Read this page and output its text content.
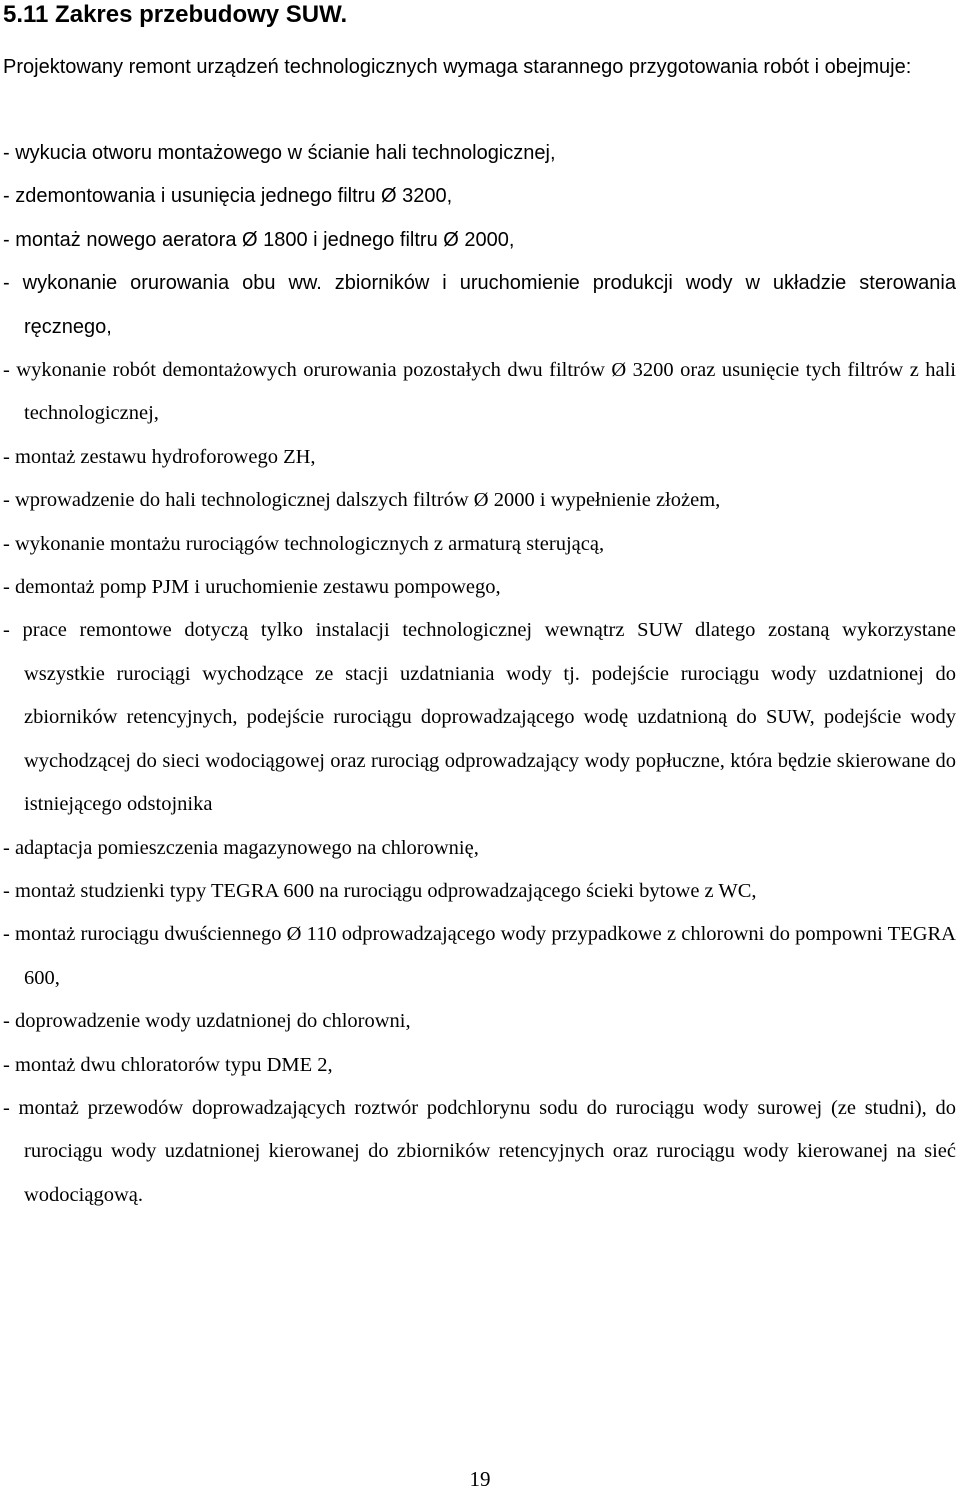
5.11 Zakres przebudowy SUW.
Projektowany remont urządzeń technologicznych wymaga starannego przygotowania robót i obejmuje:
- wykucia otworu montażowego w ścianie hali technologicznej,
- zdemontowania i usunięcia jednego filtru Ø 3200,
- montaż nowego aeratora Ø 1800 i jednego filtru Ø 2000,
- wykonanie orurowania obu ww. zbiorników i uruchomienie produkcji wody w układzie sterowania ręcznego,
- wykonanie robót demontażowych orurowania pozostałych dwu filtrów Ø 3200 oraz usunięcie tych filtrów z hali technologicznej,
- montaż zestawu hydroforowego ZH,
- wprowadzenie do hali technologicznej dalszych filtrów Ø 2000 i wypełnienie złożem,
- wykonanie montażu rurociągów technologicznych z armaturą sterującą,
- demontaż pomp PJM i uruchomienie zestawu pompowego,
- prace remontowe dotyczą tylko instalacji technologicznej wewnątrz SUW dlatego zostaną wykorzystane wszystkie rurociągi wychodzące ze stacji uzdatniania wody tj. podejście rurociągu wody uzdatnionej do zbiorników retencyjnych, podejście rurociągu doprowadzającego wodę uzdatnioną do SUW, podejście wody wychodzącej do sieci wodociągowej oraz rurociąg odprowadzający wody popłuczne, która będzie skierowane do istniejącego odstojnika
- adaptacja pomieszczenia magazynowego na chlorownię,
- montaż studzienki typy TEGRA 600 na rurociągu odprowadzającego ścieki bytowe z WC,
- montaż rurociągu dwuściennego Ø 110 odprowadzającego wody przypadkowe z chlorowni do pompowni TEGRA 600,
- doprowadzenie wody uzdatnionej do chlorowni,
- montaż dwu chloratorów typu DME 2,
- montaż przewodów doprowadzających roztwór podchlorynu sodu do rurociągu wody surowej (ze studni), do rurociągu wody uzdatnionej kierowanej do zbiorników retencyjnych oraz rurociągu wody kierowanej na sieć wodociągową.
19
